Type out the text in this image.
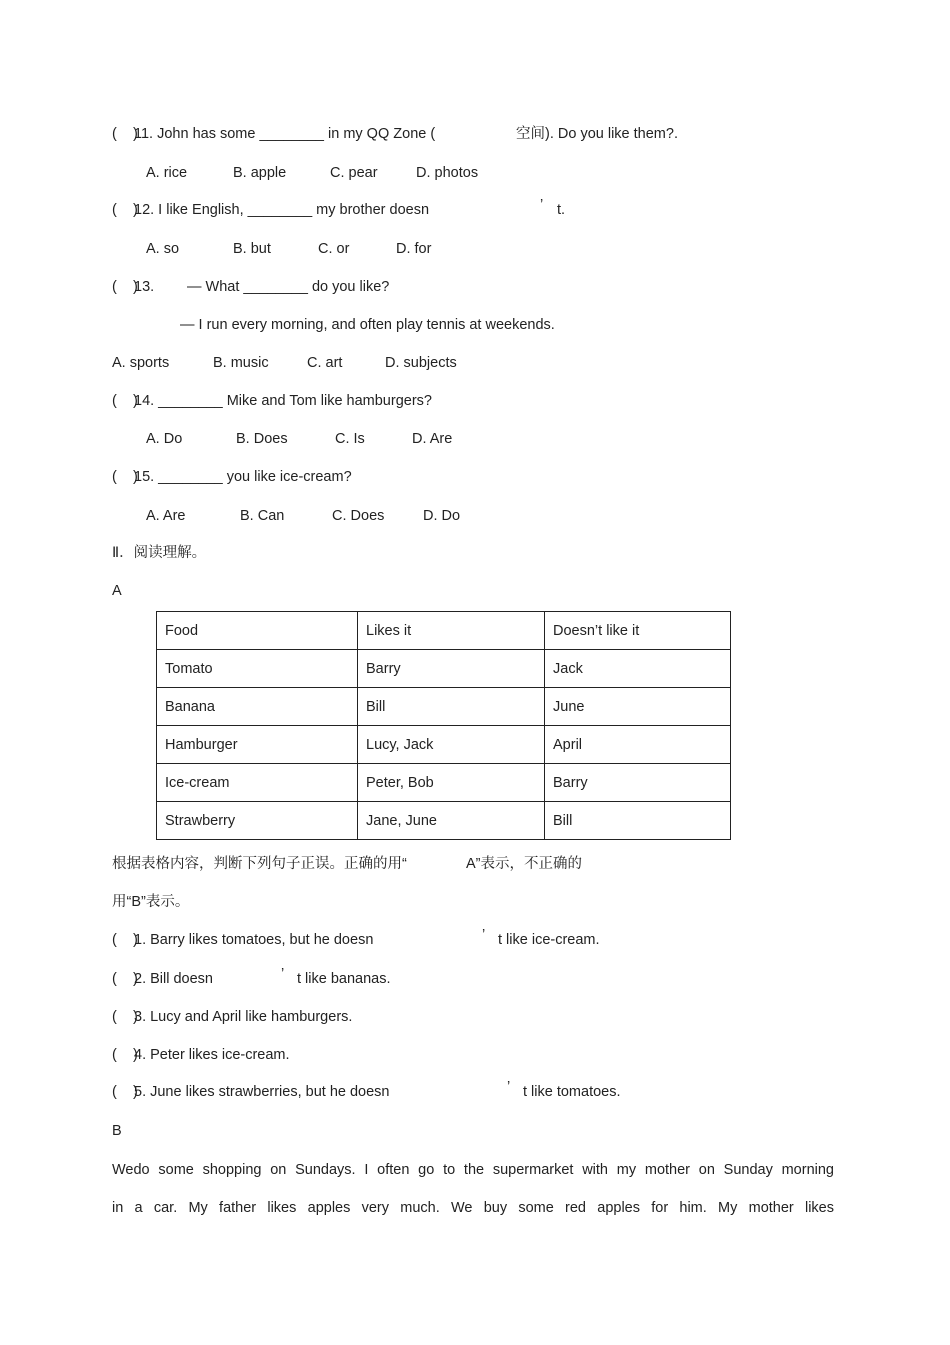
(    )
11. John has some ________ in my QQ Zone (	空间). Do you like them?.
A. rice	B. apple	C. pear	D. photos
(    )
12. I like English, ________ my brother doesn	’ t.
A. so	B. but	C. or	D. for
(    )
13. — What ________ do you like?
— I run every morning, and often play tennis at weekends.
A. sports	B. music	C. art	D. subjects
(    )
14. ________ Mike and Tom like hamburgers?
A. Do	B. Does	C. Is	D. Are
(    )
15. ________ you like ice-cream?
A. Are	B. Can	C. Does	D. Do
Ⅱ．阅读理解。
A
Food	Likes it	Doesn’t like it
Tomato	Barry	Jack
Banana	Bill	June
Hamburger	Lucy, Jack	April
Ice-cream	Peter, Bob	Barry
Strawberry	Jane, June	Bill
根据表格内容，判断下列句子正误。正确的用“	A”表示，不正确的
用“B”表示。
(    )
1. Barry likes tomatoes, but he doesn	’ t like ice-cream.
(    )
2. Bill doesn	’ t like bananas.
(    )
3. Lucy and April like hamburgers.
(    )
4. Peter likes ice-cream.
(    )
5. June likes strawberries, but he doesn	’ t like tomatoes.
B
Wedo some shopping on Sundays. I often go to the supermarket with my mother on Sunday morning
in a car. My father likes apples very much. We buy some red apples for him. My mother likes
